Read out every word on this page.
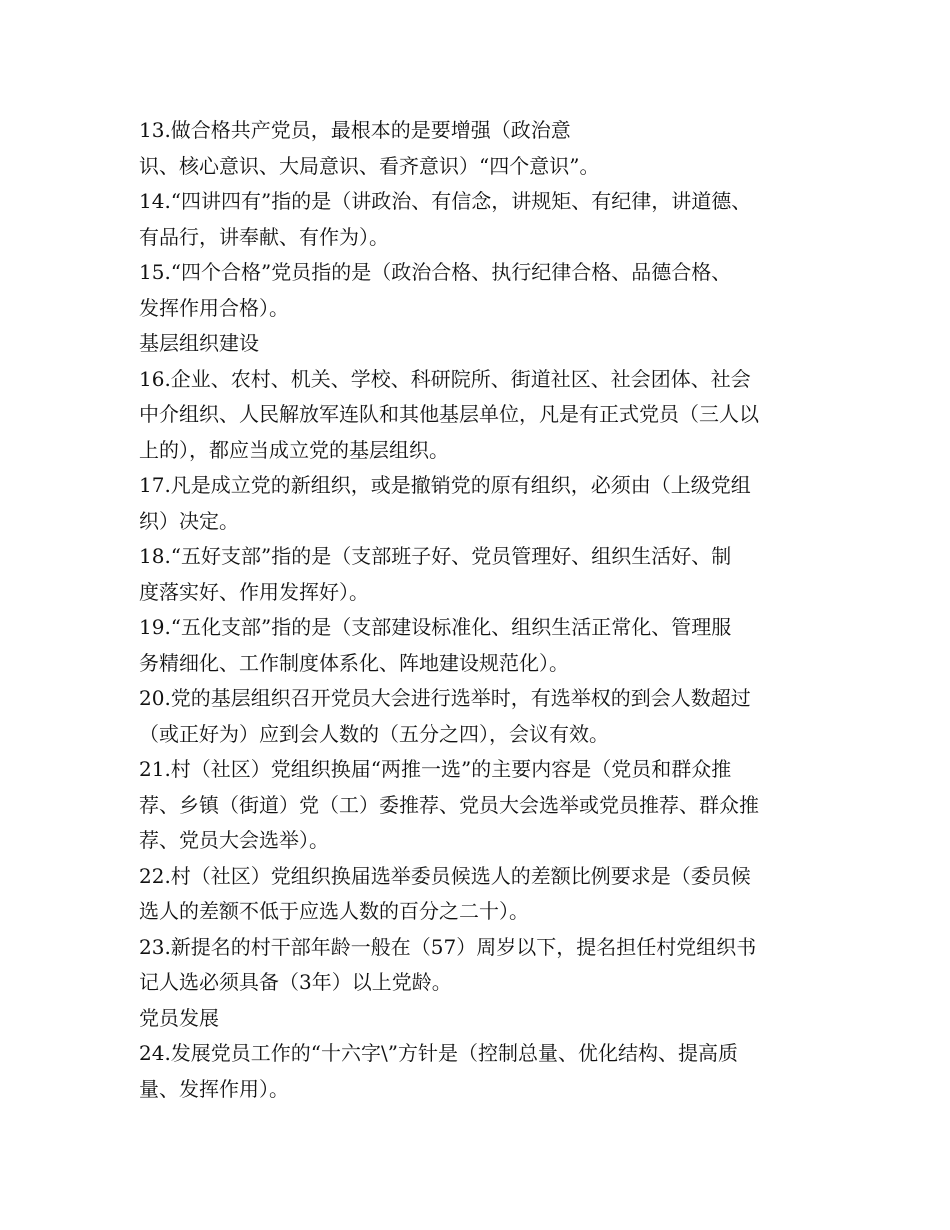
13.做合格共产党员，最根本的是要增强（政治意
识、核心意识、大局意识、看齐意识）“四个意识”。
14.“四讲四有”指的是（讲政治、有信念，讲规矩、有纪律，讲道德、
有品行，讲奉献、有作为）。
15.“四个合格”党员指的是（政治合格、执行纪律合格、品德合格、
发挥作用合格）。
基层组织建设
16.企业、农村、机关、学校、科研院所、街道社区、社会团体、社会
中介组织、人民解放军连队和其他基层单位，凡是有正式党员（三人以
上的），都应当成立党的基层组织。
17.凡是成立党的新组织，或是撤销党的原有组织，必须由（上级党组
织）决定。
18.“五好支部”指的是（支部班子好、党员管理好、组织生活好、制
度落实好、作用发挥好）。
19.“五化支部”指的是（支部建设标准化、组织生活正常化、管理服
务精细化、工作制度体系化、阵地建设规范化）。
20.党的基层组织召开党员大会进行选举时，有选举权的到会人数超过
（或正好为）应到会人数的（五分之四），会议有效。
21.村（社区）党组织换届“两推一选”的主要内容是（党员和群众推
荐、乡镇（街道）党（工）委推荐、党员大会选举或党员推荐、群众推
荐、党员大会选举）。
22.村（社区）党组织换届选举委员候选人的差额比例要求是（委员候
选人的差额不低于应选人数的百分之二十）。
23.新提名的村干部年龄一般在（57）周岁以下，提名担任村党组织书
记人选必须具备（3年）以上党龄。
党员发展
24.发展党员工作的“十六字\”方针是（控制总量、优化结构、提高质
量、发挥作用）。
